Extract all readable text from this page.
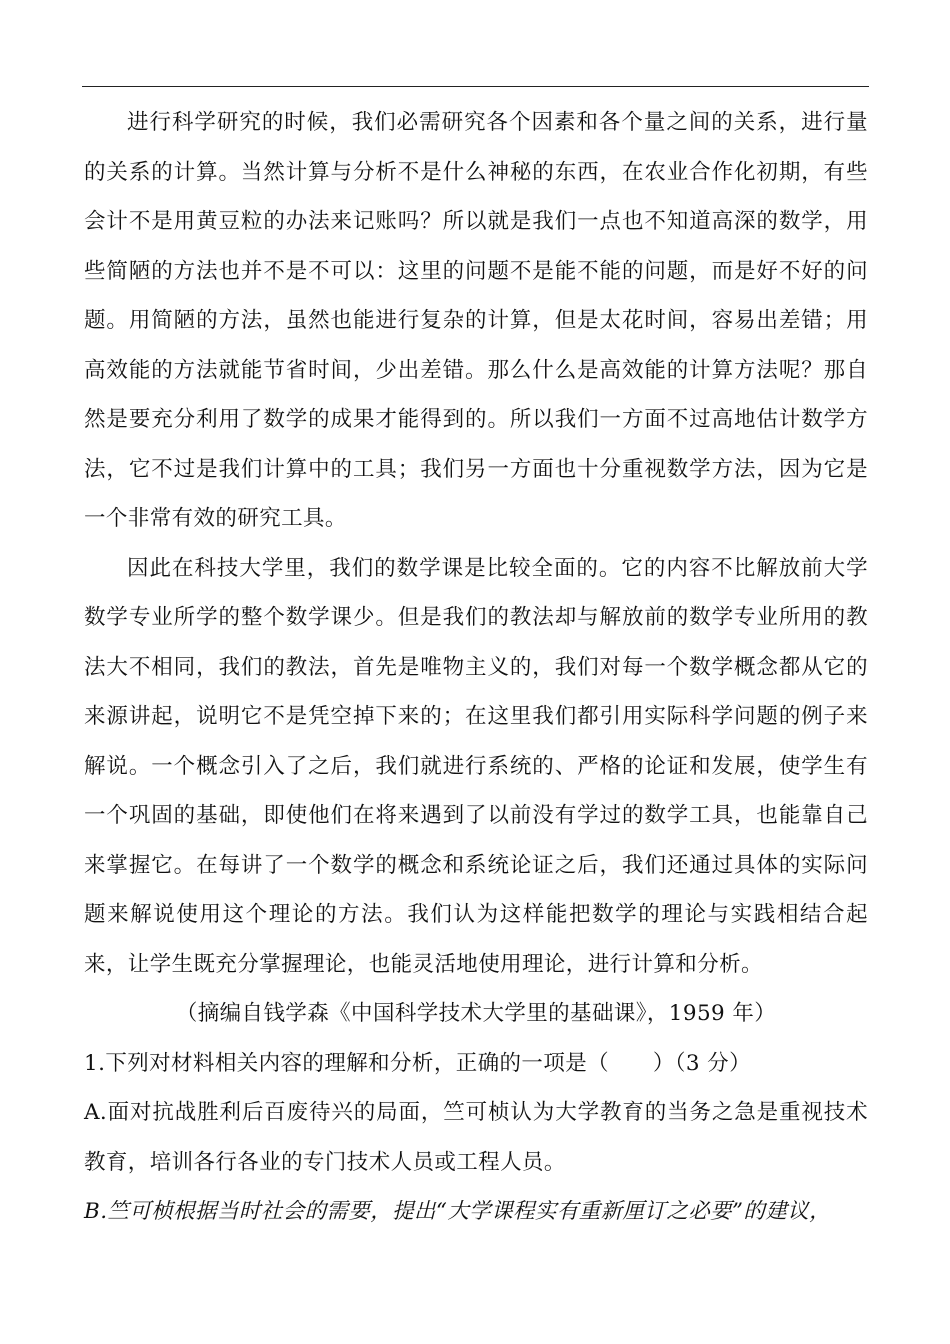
进行科学研究的时候，我们必需研究各个因素和各个量之间的关系，进行量的关系的计算。当然计算与分析不是什么神秘的东西，在农业合作化初期，有些会计不是用黄豆粒的办法来记账吗？所以就是我们一点也不知道高深的数学，用些简陋的方法也并不是不可以：这里的问题不是能不能的问题，而是好不好的问题。用简陋的方法，虽然也能进行复杂的计算，但是太花时间，容易出差错；用高效能的方法就能节省时间，少出差错。那么什么是高效能的计算方法呢？那自然是要充分利用了数学的成果才能得到的。所以我们一方面不过高地估计数学方法，它不过是我们计算中的工具；我们另一方面也十分重视数学方法，因为它是一个非常有效的研究工具。

因此在科技大学里，我们的数学课是比较全面的。它的内容不比解放前大学数学专业所学的整个数学课少。但是我们的教法却与解放前的数学专业所用的教法大不相同，我们的教法，首先是唯物主义的，我们对每一个数学概念都从它的来源讲起，说明它不是凭空掉下来的；在这里我们都引用实际科学问题的例子来解说。一个概念引入了之后，我们就进行系统的、严格的论证和发展，使学生有一个巩固的基础，即使他们在将来遇到了以前没有学过的数学工具，也能靠自己来掌握它。在每讲了一个数学的概念和系统论证之后，我们还通过具体的实际问题来解说使用这个理论的方法。我们认为这样能把数学的理论与实践相结合起来，让学生既充分掌握理论，也能灵活地使用理论，进行计算和分析。

（摘编自钱学森《中国科学技术大学里的基础课》，1959 年）

1.下列对材料相关内容的理解和分析，正确的一项是（　　）（3 分）

A.面对抗战胜利后百废待兴的局面，竺可桢认为大学教育的当务之急是重视技术教育，培训各行各业的专门技术人员或工程人员。

B.竺可桢根据当时社会的需要，提出“大学课程实有重新厘订之必要”的建议，
